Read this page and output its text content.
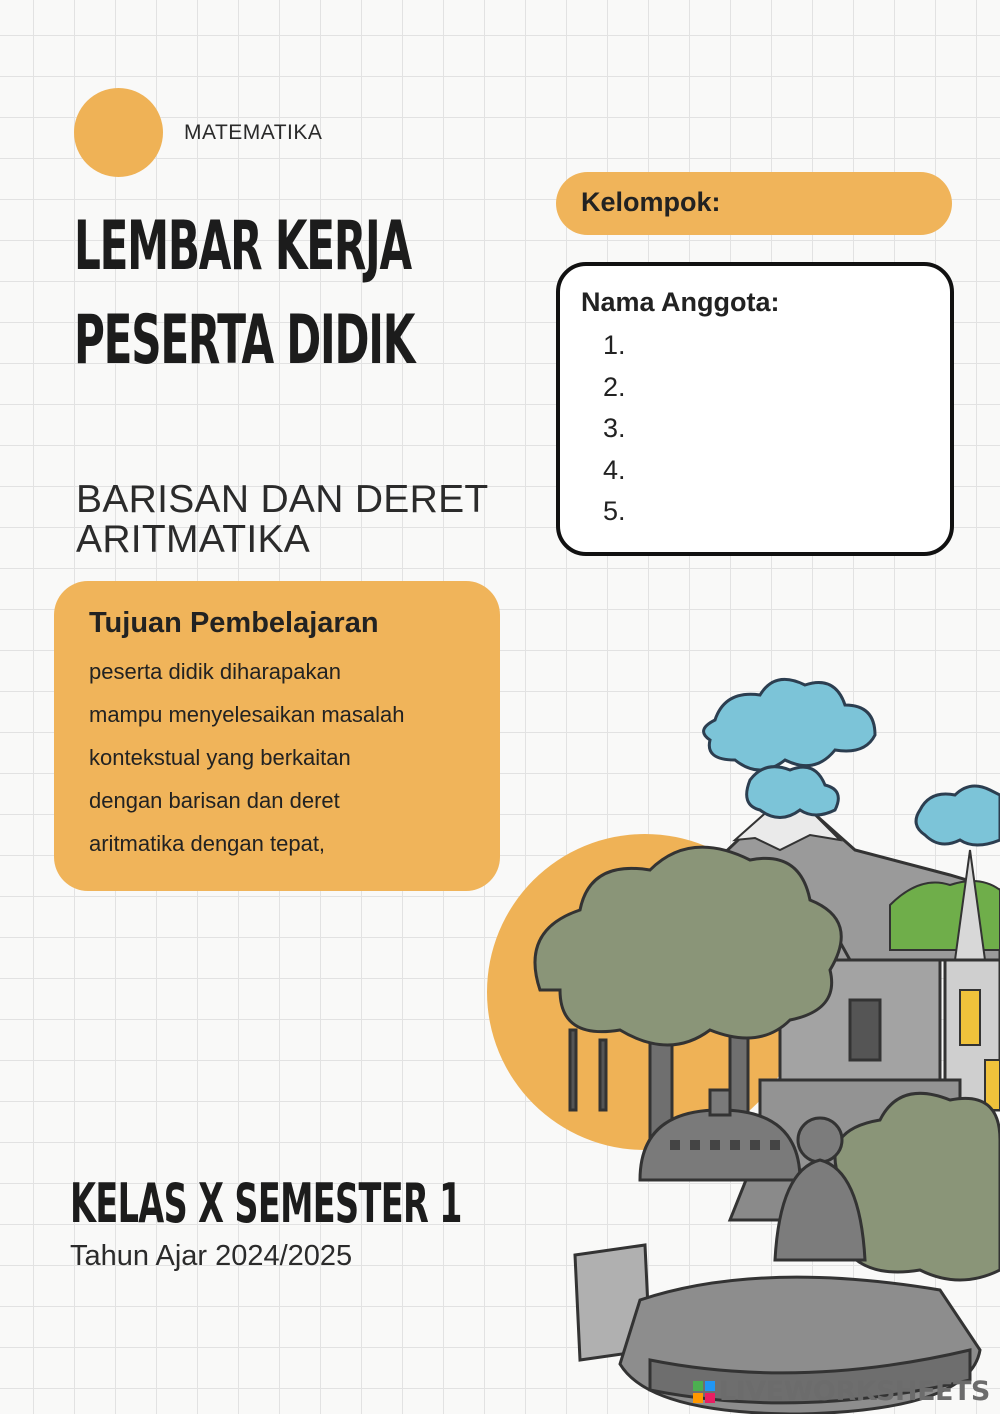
MATEMATIKA
LEMBAR KERJA
PESERTA DIDIK
BARISAN DAN DERET
ARITMATIKA
Tujuan Pembelajaran
peserta didik diharapakan
mampu menyelesaikan masalah
kontekstual yang berkaitan
dengan barisan dan deret
aritmatika dengan tepat,
Kelompok:
Nama Anggota:
1.
2.
3.
4.
5.
KELAS X SEMESTER 1
Tahun Ajar 2024/2025
LIVEWORKSHEETS
